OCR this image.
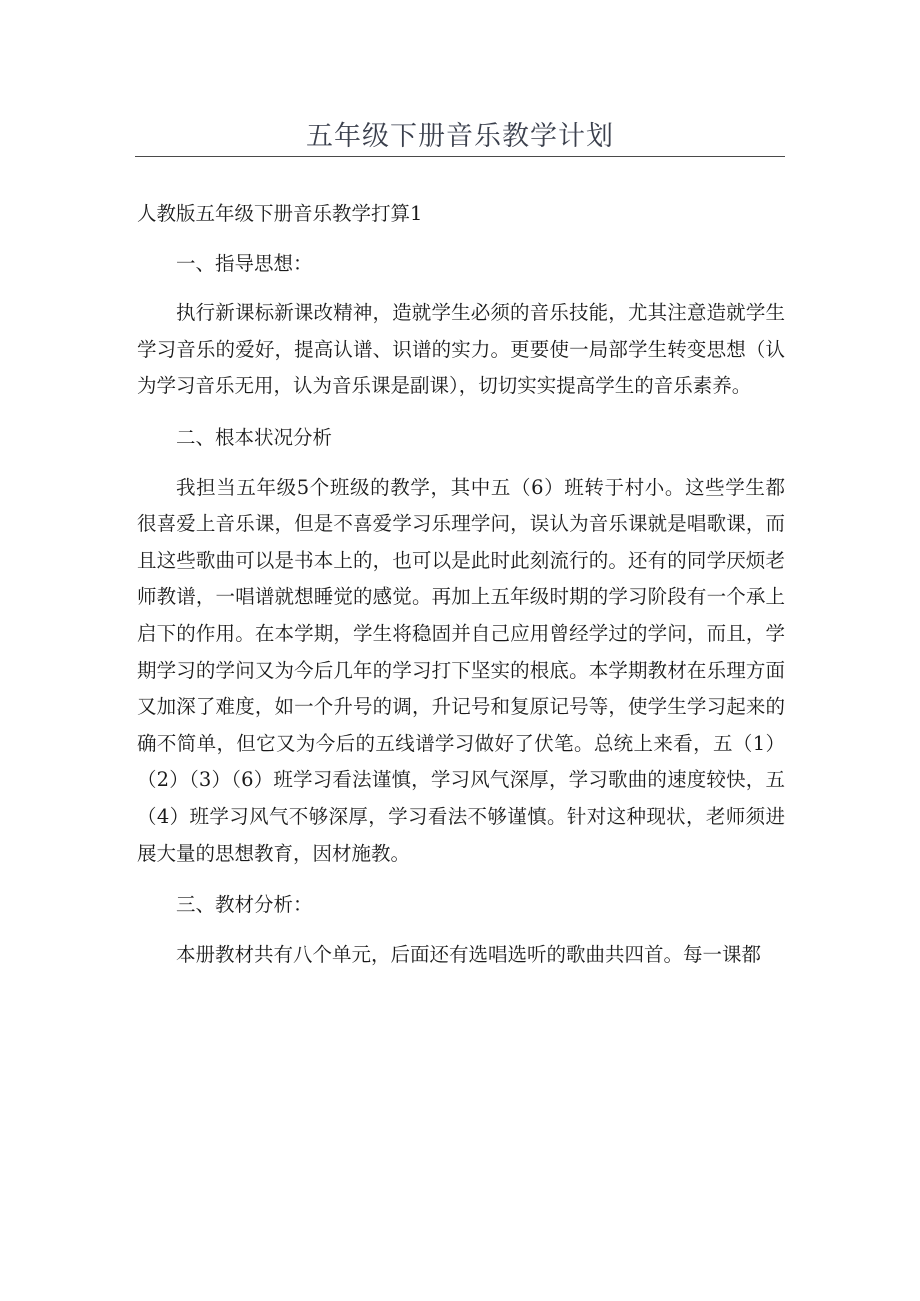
五年级下册音乐教学计划

人教版五年级下册音乐教学打算1

一、指导思想：

执行新课标新课改精神，造就学生必须的音乐技能，尤其注意造就学生学习音乐的爱好，提高认谱、识谱的实力。更要使一局部学生转变思想（认为学习音乐无用，认为音乐课是副课），切切实实提高学生的音乐素养。

二、根本状况分析

我担当五年级5个班级的教学，其中五（6）班转于村小。这些学生都很喜爱上音乐课，但是不喜爱学习乐理学问，误认为音乐课就是唱歌课，而且这些歌曲可以是书本上的，也可以是此时此刻流行的。还有的同学厌烦老师教谱，一唱谱就想睡觉的感觉。再加上五年级时期的学习阶段有一个承上启下的作用。在本学期，学生将稳固并自己应用曾经学过的学问，而且，学期学习的学问又为今后几年的学习打下坚实的根底。本学期教材在乐理方面又加深了难度，如一个升号的调，升记号和复原记号等，使学生学习起来的确不简单，但它又为今后的五线谱学习做好了伏笔。总统上来看，五（1）（2）（3）（6）班学习看法谨慎，学习风气深厚，学习歌曲的速度较快，五（4）班学习风气不够深厚，学习看法不够谨慎。针对这种现状，老师须进展大量的思想教育，因材施教。

三、教材分析：

本册教材共有八个单元，后面还有选唱选听的歌曲共四首。每一课都
